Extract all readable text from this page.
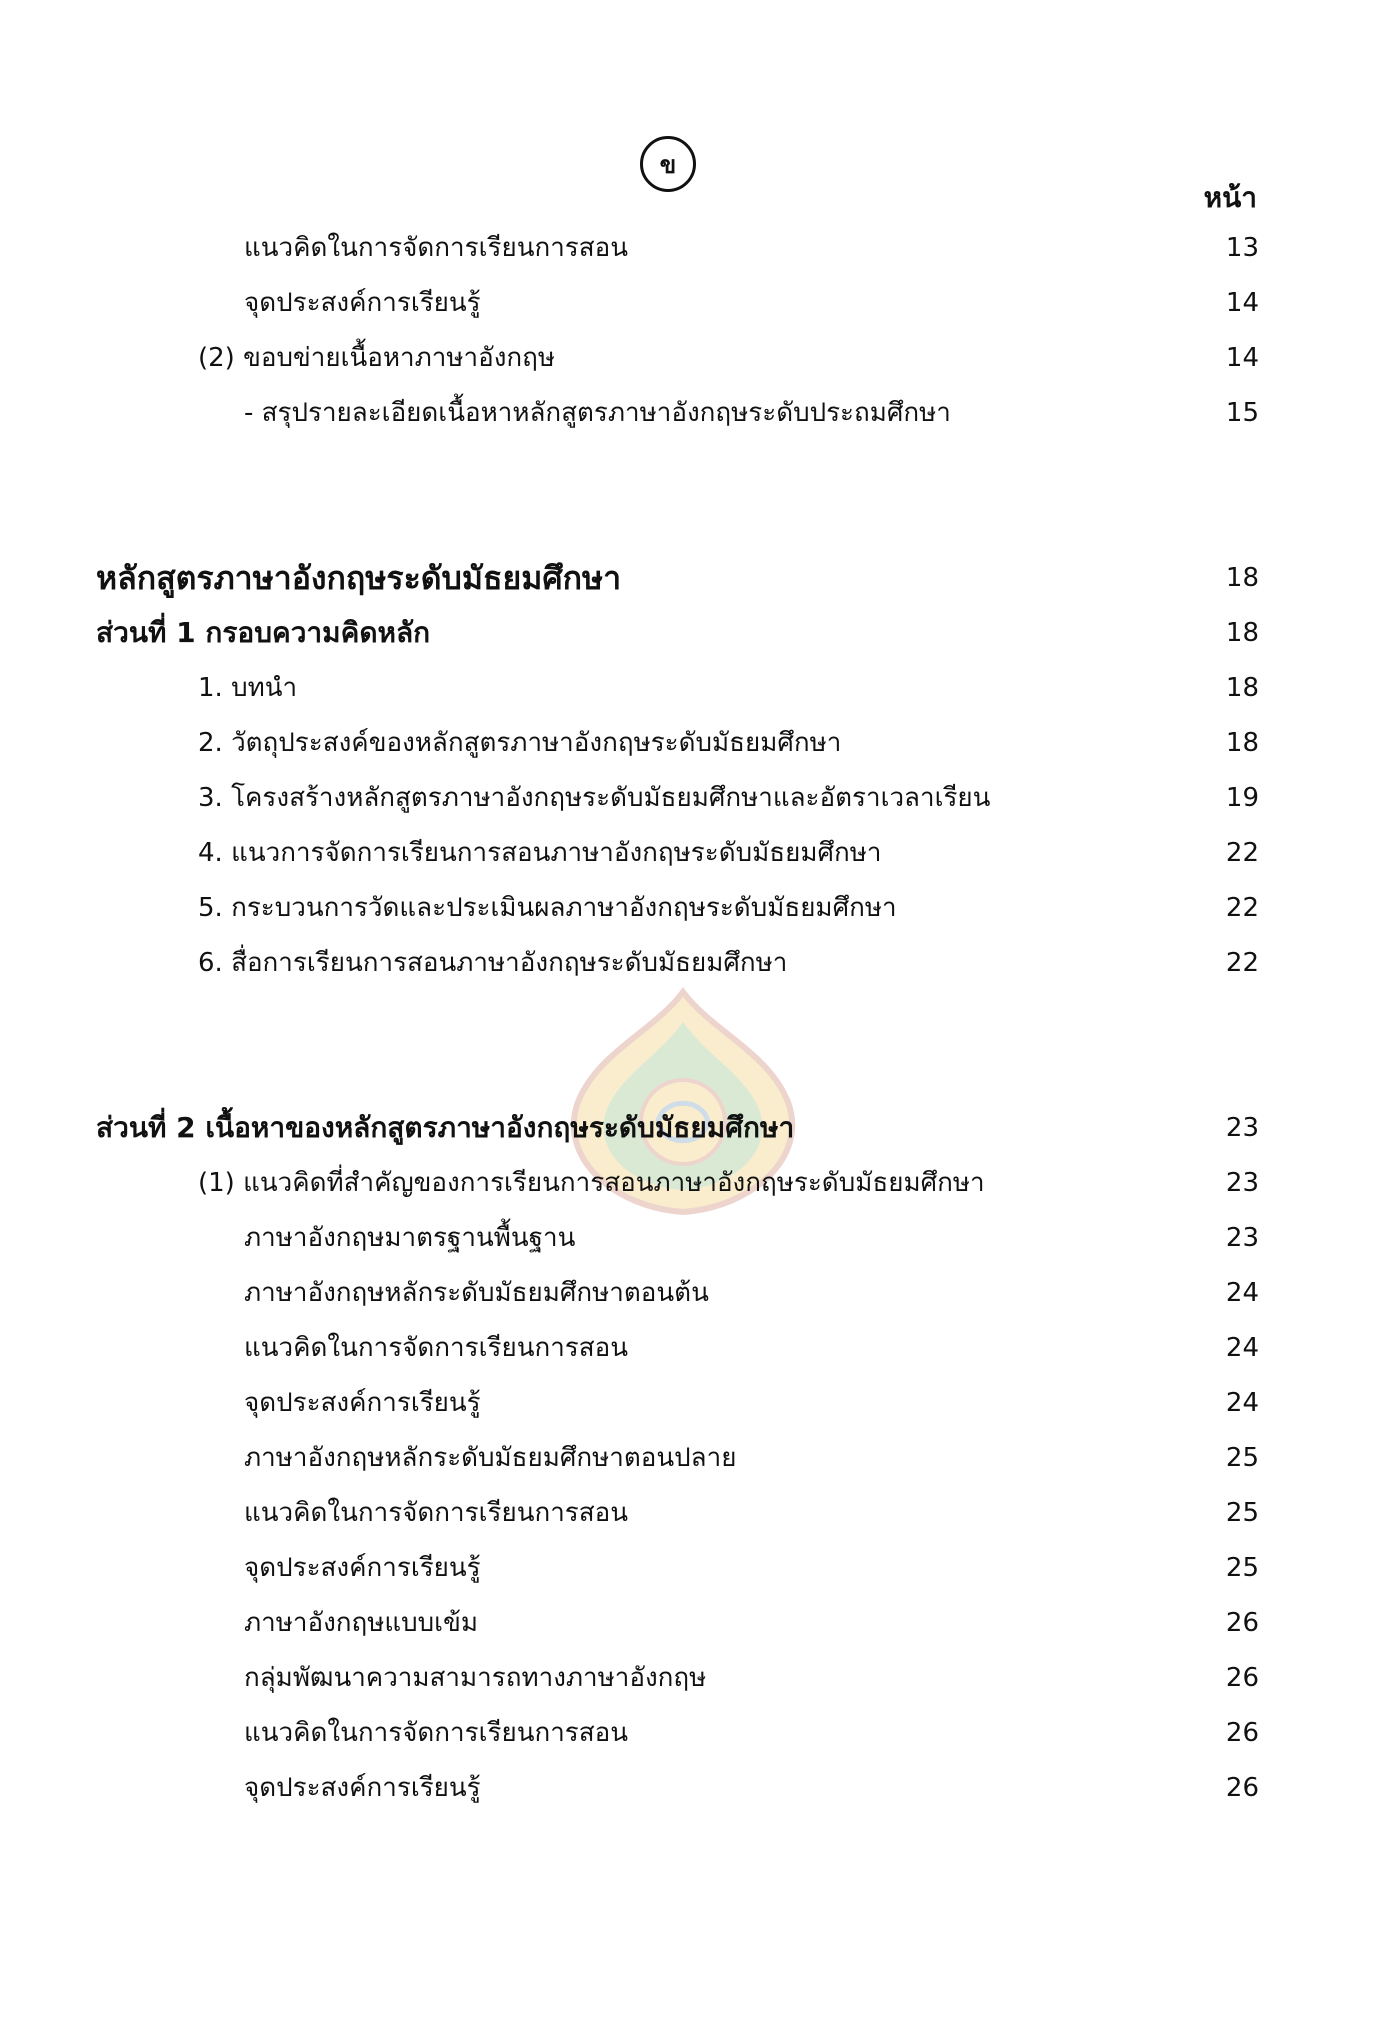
ข
หน้า
แนวคิดในการจัดการเรียนการสอน	13
จุดประสงค์การเรียนรู้	14
(2) ขอบข่ายเนื้อหาภาษาอังกฤษ	14
- สรุปรายละเอียดเนื้อหาหลักสูตรภาษาอังกฤษระดับประถมศึกษา	15
หลักสูตรภาษาอังกฤษระดับมัธยมศึกษา	18
ส่วนที่ 1 กรอบความคิดหลัก	18
1. บทนำ	18
2. วัตถุประสงค์ของหลักสูตรภาษาอังกฤษระดับมัธยมศึกษา	18
3. โครงสร้างหลักสูตรภาษาอังกฤษระดับมัธยมศึกษาและอัตราเวลาเรียน	19
4. แนวการจัดการเรียนการสอนภาษาอังกฤษระดับมัธยมศึกษา	22
5. กระบวนการวัดและประเมินผลภาษาอังกฤษระดับมัธยมศึกษา	22
6. สื่อการเรียนการสอนภาษาอังกฤษระดับมัธยมศึกษา	22
ส่วนที่ 2 เนื้อหาของหลักสูตรภาษาอังกฤษระดับมัธยมศึกษา	23
(1) แนวคิดที่สำคัญของการเรียนการสอนภาษาอังกฤษระดับมัธยมศึกษา	23
ภาษาอังกฤษมาตรฐานพื้นฐาน	23
ภาษาอังกฤษหลักระดับมัธยมศึกษาตอนต้น	24
แนวคิดในการจัดการเรียนการสอน	24
จุดประสงค์การเรียนรู้	24
ภาษาอังกฤษหลักระดับมัธยมศึกษาตอนปลาย	25
แนวคิดในการจัดการเรียนการสอน	25
จุดประสงค์การเรียนรู้	25
ภาษาอังกฤษแบบเข้ม	26
กลุ่มพัฒนาความสามารถทางภาษาอังกฤษ	26
แนวคิดในการจัดการเรียนการสอน	26
จุดประสงค์การเรียนรู้	26
